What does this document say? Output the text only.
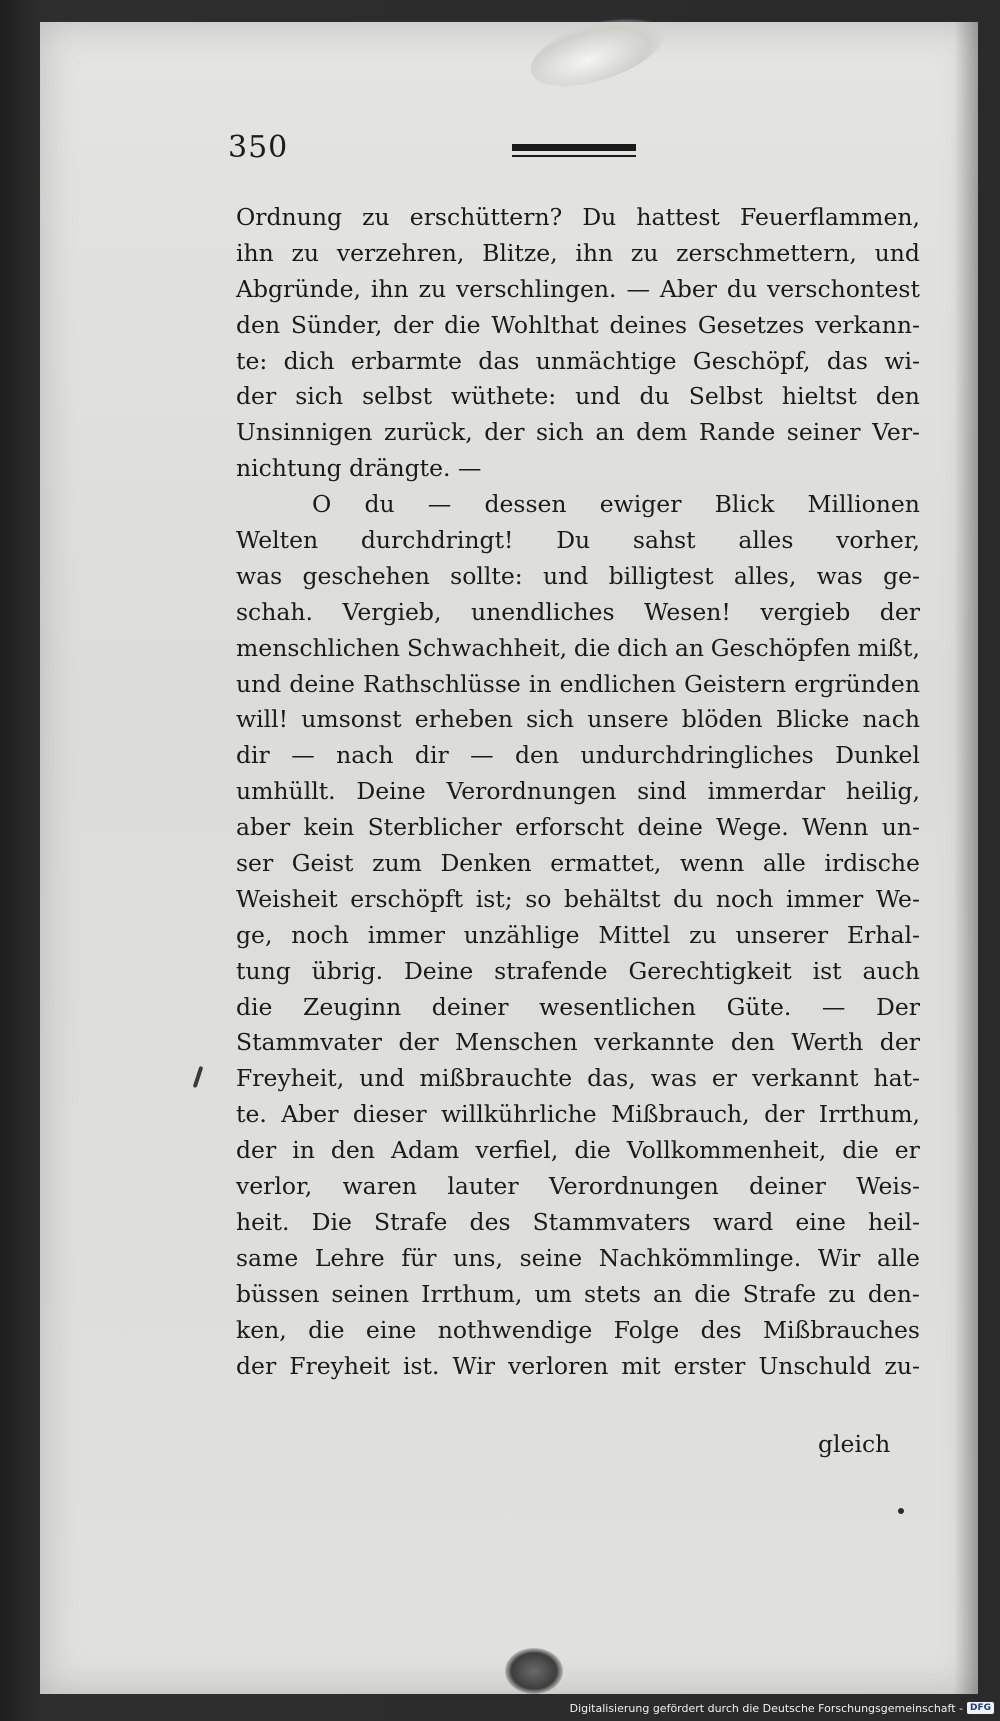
350
Ordnung zu erschüttern? Du hattest Feuerflammen,
ihn zu verzehren, Blitze, ihn zu zerschmettern, und
Abgründe, ihn zu verschlingen. — Aber du verschontest
den Sünder, der die Wohlthat deines Gesetzes verkann-
te: dich erbarmte das unmächtige Geschöpf, das wi-
der sich selbst wüthete: und du Selbst hieltst den
Unsinnigen zurück, der sich an dem Rande seiner Ver-
nichtung drängte. —
O du — dessen ewiger Blick Millionen
Welten durchdringt! Du sahst alles vorher,
was geschehen sollte: und billigtest alles, was ge-
schah. Vergieb, unendliches Wesen! vergieb der
menschlichen Schwachheit, die dich an Geschöpfen mißt,
und deine Rathschlüsse in endlichen Geistern ergründen
will! umsonst erheben sich unsere blöden Blicke nach
dir — nach dir — den undurchdringliches Dunkel
umhüllt. Deine Verordnungen sind immerdar heilig,
aber kein Sterblicher erforscht deine Wege. Wenn un-
ser Geist zum Denken ermattet, wenn alle irdische
Weisheit erschöpft ist; so behältst du noch immer We-
ge, noch immer unzählige Mittel zu unserer Erhal-
tung übrig. Deine strafende Gerechtigkeit ist auch
die Zeuginn deiner wesentlichen Güte. — Der
Stammvater der Menschen verkannte den Werth der
Freyheit, und mißbrauchte das, was er verkannt hat-
te. Aber dieser willkührliche Mißbrauch, der Irrthum,
der in den Adam verfiel, die Vollkommenheit, die er
verlor, waren lauter Verordnungen deiner Weis-
heit. Die Strafe des Stammvaters ward eine heil-
same Lehre für uns, seine Nachkömmlinge. Wir alle
büssen seinen Irrthum, um stets an die Strafe zu den-
ken, die eine nothwendige Folge des Mißbrauches
der Freyheit ist. Wir verloren mit erster Unschuld zu-
gleich
Digitalisierung gefördert durch die Deutsche Forschungsgemeinschaft - DFG
